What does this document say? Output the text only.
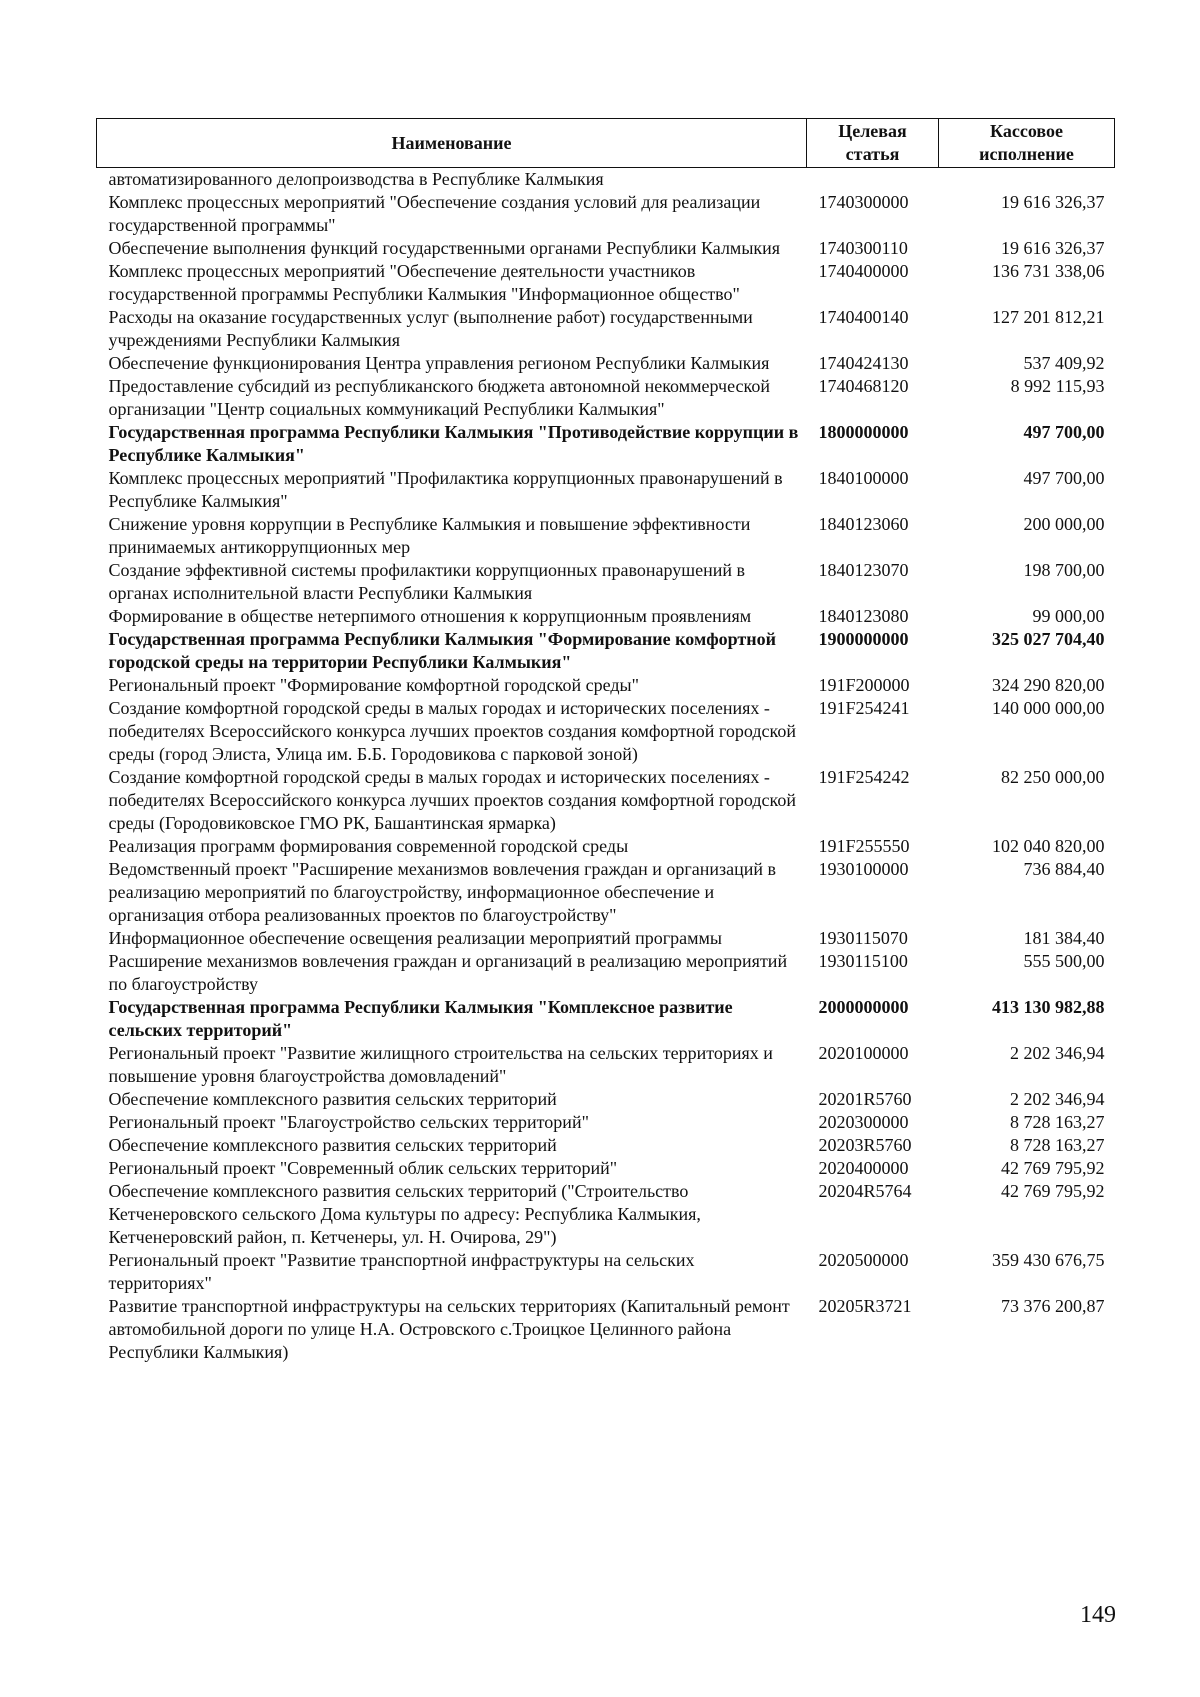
Наименование	Целевая статья	Кассовое исполнение
автоматизированного делопроизводства в Республике Калмыкия		
Комплекс процессных мероприятий "Обеспечение создания условий для реализации государственной программы"	1740300000	19 616 326,37
Обеспечение выполнения функций государственными органами Республики Калмыкия	1740300110	19 616 326,37
Комплекс процессных мероприятий "Обеспечение деятельности участников государственной программы Республики Калмыкия "Информационное общество"	1740400000	136 731 338,06
Расходы на оказание государственных услуг (выполнение работ) государственными учреждениями Республики Калмыкия	1740400140	127 201 812,21
Обеспечение функционирования Центра управления регионом Республики Калмыкия	1740424130	537 409,92
Предоставление субсидий из республиканского бюджета автономной некоммерческой организации "Центр социальных коммуникаций Республики Калмыкия"	1740468120	8 992 115,93
Государственная программа Республики Калмыкия "Противодействие коррупции в Республике Калмыкия"	1800000000	497 700,00
Комплекс процессных мероприятий "Профилактика коррупционных правонарушений в Республике Калмыкия"	1840100000	497 700,00
Снижение уровня коррупции в Республике Калмыкия и повышение эффективности принимаемых антикоррупционных мер	1840123060	200 000,00
Создание эффективной системы профилактики коррупционных правонарушений в органах исполнительной власти Республики Калмыкия	1840123070	198 700,00
Формирование в обществе нетерпимого отношения к коррупционным проявлениям	1840123080	99 000,00
Государственная программа Республики Калмыкия "Формирование комфортной городской среды на территории Республики Калмыкия"	1900000000	325 027 704,40
Региональный проект "Формирование комфортной городской среды"	191F200000	324 290 820,00
Создание комфортной городской среды в малых городах и исторических поселениях - победителях Всероссийского конкурса лучших проектов создания комфортной городской среды (город Элиста, Улица им. Б.Б. Городовикова с парковой зоной)	191F254241	140 000 000,00
Создание комфортной городской среды в малых городах и исторических поселениях - победителях Всероссийского конкурса лучших проектов создания комфортной городской среды (Городовиковское ГМО РК, Башантинская ярмарка)	191F254242	82 250 000,00
Реализация программ формирования современной городской среды	191F255550	102 040 820,00
Ведомственный проект "Расширение механизмов вовлечения граждан и организаций в реализацию мероприятий по благоустройству, информационное обеспечение и организация отбора реализованных проектов по благоустройству"	1930100000	736 884,40
Информационное обеспечение освещения реализации мероприятий программы	1930115070	181 384,40
Расширение механизмов вовлечения граждан и организаций в реализацию мероприятий по благоустройству	1930115100	555 500,00
Государственная программа Республики Калмыкия "Комплексное развитие сельских территорий"	2000000000	413 130 982,88
Региональный проект "Развитие жилищного строительства на сельских территориях и повышение уровня благоустройства домовладений"	2020100000	2 202 346,94
Обеспечение комплексного развития сельских территорий	20201R5760	2 202 346,94
Региональный проект "Благоустройство сельских территорий"	2020300000	8 728 163,27
Обеспечение комплексного развития сельских территорий	20203R5760	8 728 163,27
Региональный проект "Современный облик сельских территорий"	2020400000	42 769 795,92
Обеспечение комплексного развития сельских территорий ("Строительство Кетченеровского сельского Дома культуры по адресу: Республика Калмыкия, Кетченеровский район, п. Кетченеры, ул. Н. Очирова, 29")	20204R5764	42 769 795,92
Региональный проект "Развитие транспортной инфраструктуры на сельских территориях"	2020500000	359 430 676,75
Развитие транспортной инфраструктуры на сельских территориях (Капитальный ремонт автомобильной дороги по улице Н.А. Островского с.Троицкое Целинного района Республики Калмыкия)	20205R3721	73 376 200,87
149
